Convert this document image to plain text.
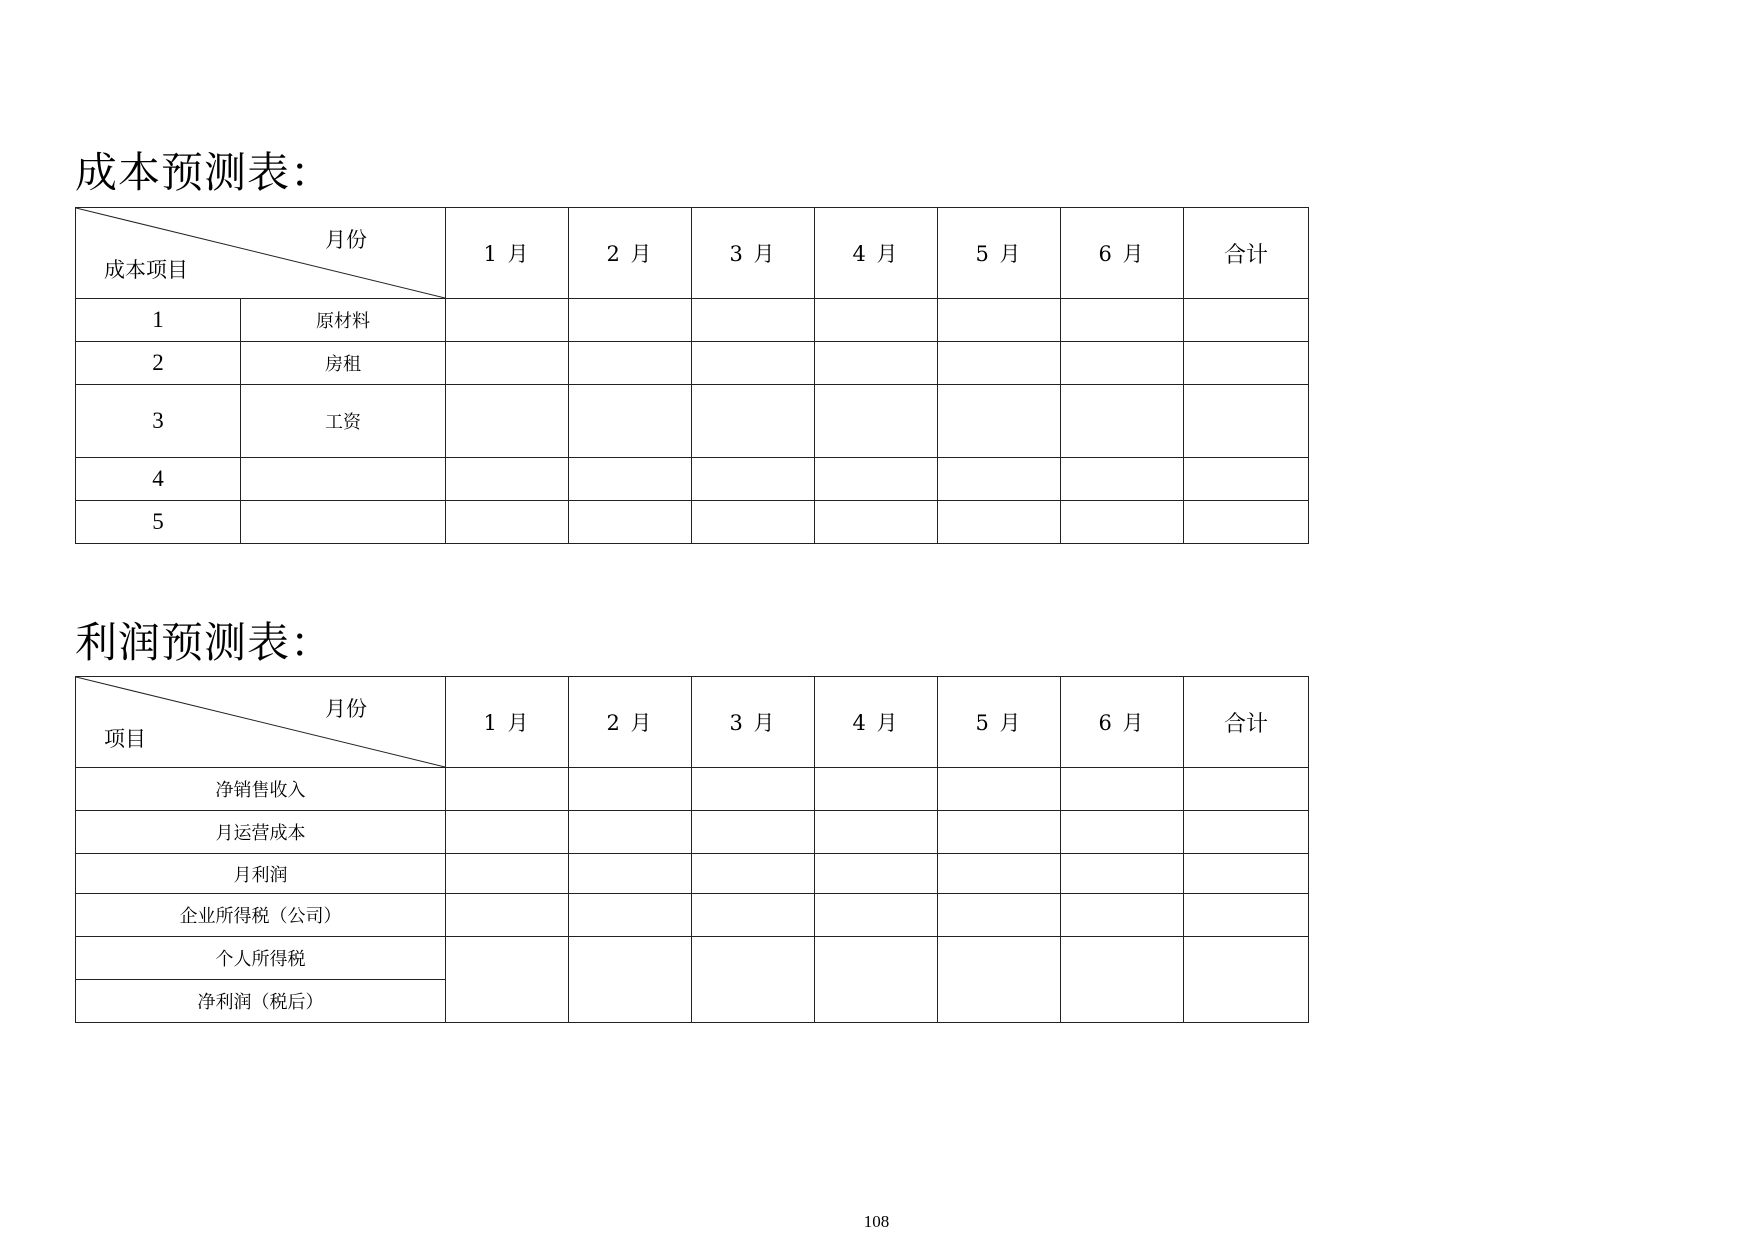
成本预测表：
月份
成本项目		1 月	2 月	3 月	4 月	5 月	6 月	合计
1	原材料							
2	房租							
3	工资							
4								
5								
利润预测表：
月份
项目	1 月	2 月	3 月	4 月	5 月	6 月	合计
净销售收入							
月运营成本							
月利润							
企业所得税（公司）							
个人所得税							
净利润（税后）							
108
